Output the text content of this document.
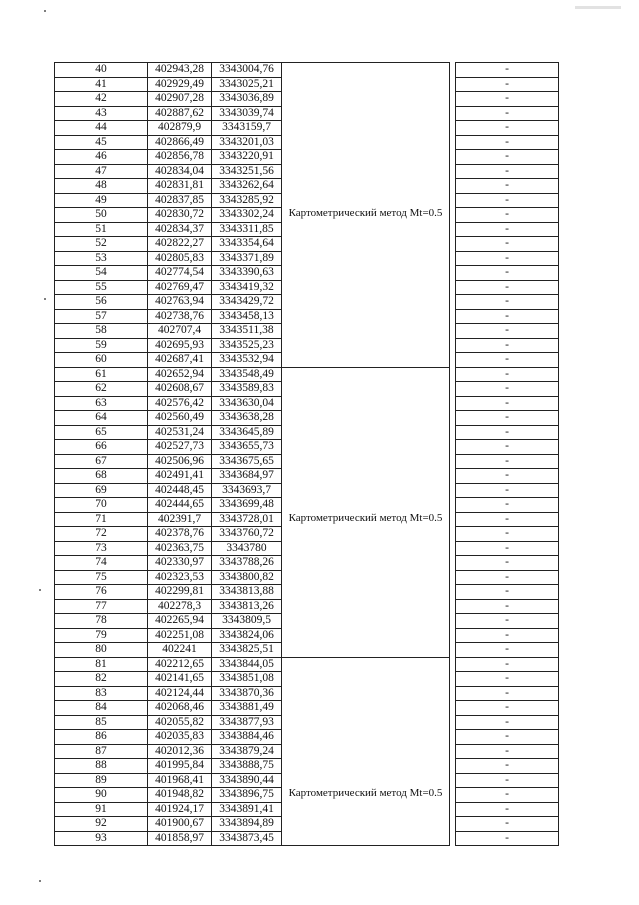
40	402943,28	3343004,76	Картометрический метод Mt=0.5		-
41	402929,49	3343025,21			-
42	402907,28	3343036,89			-
43	402887,62	3343039,74			-
44	402879,9	3343159,7			-
45	402866,49	3343201,03			-
46	402856,78	3343220,91			-
47	402834,04	3343251,56			-
48	402831,81	3343262,64			-
49	402837,85	3343285,92			-
50	402830,72	3343302,24			-
51	402834,37	3343311,85			-
52	402822,27	3343354,64			-
53	402805,83	3343371,89			-
54	402774,54	3343390,63			-
55	402769,47	3343419,32			-
56	402763,94	3343429,72			-
57	402738,76	3343458,13			-
58	402707,4	3343511,38			-
59	402695,93	3343525,23			-
60	402687,41	3343532,94			-
61	402652,94	3343548,49	Картометрический метод Mt=0.5		-
62	402608,67	3343589,83			-
63	402576,42	3343630,04			-
64	402560,49	3343638,28			-
65	402531,24	3343645,89			-
66	402527,73	3343655,73			-
67	402506,96	3343675,65			-
68	402491,41	3343684,97			-
69	402448,45	3343693,7			-
70	402444,65	3343699,48			-
71	402391,7	3343728,01			-
72	402378,76	3343760,72			-
73	402363,75	3343780			-
74	402330,97	3343788,26			-
75	402323,53	3343800,82			-
76	402299,81	3343813,88			-
77	402278,3	3343813,26			-
78	402265,94	3343809,5			-
79	402251,08	3343824,06			-
80	402241	3343825,51			-
81	402212,65	3343844,05	Картометрический метод Mt=0.5		-
82	402141,65	3343851,08			-
83	402124,44	3343870,36			-
84	402068,46	3343881,49			-
85	402055,82	3343877,93			-
86	402035,83	3343884,46			-
87	402012,36	3343879,24			-
88	401995,84	3343888,75			-
89	401968,41	3343890,44			-
90	401948,82	3343896,75			-
91	401924,17	3343891,41			-
92	401900,67	3343894,89			-
93	401858,97	3343873,45			-
